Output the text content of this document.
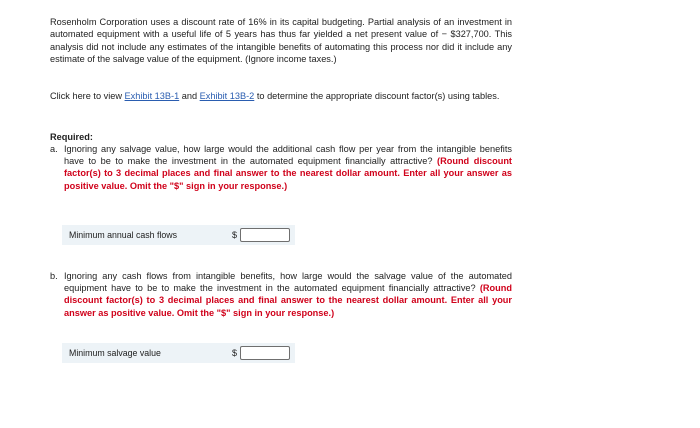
Rosenholm Corporation uses a discount rate of 16% in its capital budgeting. Partial analysis of an investment in automated equipment with a useful life of 5 years has thus far yielded a net present value of − $327,700. This analysis did not include any estimates of the intangible benefits of automating this process nor did it include any estimate of the salvage value of the equipment. (Ignore income taxes.)

Click here to view Exhibit 13B-1 and Exhibit 13B-2 to determine the appropriate discount factor(s) using tables.
Required:
a. Ignoring any salvage value, how large would the additional cash flow per year from the intangible benefits have to be to make the investment in the automated equipment financially attractive? (Round discount factor(s) to 3 decimal places and final answer to the nearest dollar amount. Enter all your answer as positive value. Omit the "$" sign in your response.)
Minimum annual cash flows	$
b. Ignoring any cash flows from intangible benefits, how large would the salvage value of the automated equipment have to be to make the investment in the automated equipment financially attractive? (Round discount factor(s) to 3 decimal places and final answer to the nearest dollar amount. Enter all your answer as positive value. Omit the "$" sign in your response.)
Minimum salvage value	$
